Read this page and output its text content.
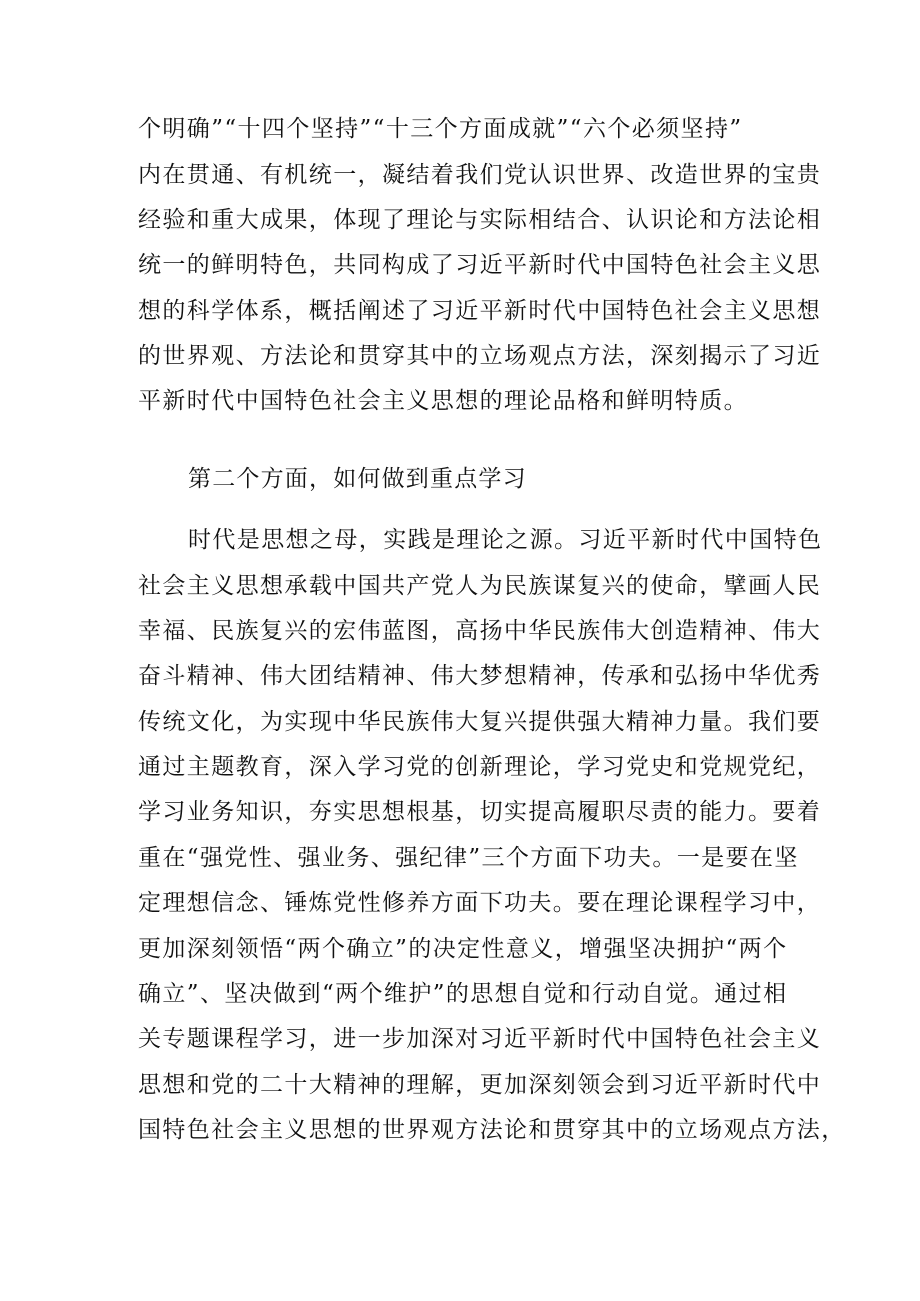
个明确”“十四个坚持”“十三个方面成就”“六个必须坚持”
内在贯通、有机统一，凝结着我们党认识世界、改造世界的宝贵
经验和重大成果，体现了理论与实际相结合、认识论和方法论相
统一的鲜明特色，共同构成了习近平新时代中国特色社会主义思
想的科学体系，概括阐述了习近平新时代中国特色社会主义思想
的世界观、方法论和贯穿其中的立场观点方法，深刻揭示了习近
平新时代中国特色社会主义思想的理论品格和鲜明特质。
第二个方面，如何做到重点学习
时代是思想之母，实践是理论之源。习近平新时代中国特色
社会主义思想承载中国共产党人为民族谋复兴的使命，擘画人民
幸福、民族复兴的宏伟蓝图，高扬中华民族伟大创造精神、伟大
奋斗精神、伟大团结精神、伟大梦想精神，传承和弘扬中华优秀
传统文化，为实现中华民族伟大复兴提供强大精神力量。我们要
通过主题教育，深入学习党的创新理论，学习党史和党规党纪，
学习业务知识，夯实思想根基，切实提高履职尽责的能力。要着
重在“强党性、强业务、强纪律”三个方面下功夫。一是要在坚
定理想信念、锤炼党性修养方面下功夫。要在理论课程学习中，
更加深刻领悟“两个确立”的决定性意义，增强坚决拥护“两个
确立”、坚决做到“两个维护”的思想自觉和行动自觉。通过相
关专题课程学习，进一步加深对习近平新时代中国特色社会主义
思想和党的二十大精神的理解，更加深刻领会到习近平新时代中
国特色社会主义思想的世界观方法论和贯穿其中的立场观点方法，
